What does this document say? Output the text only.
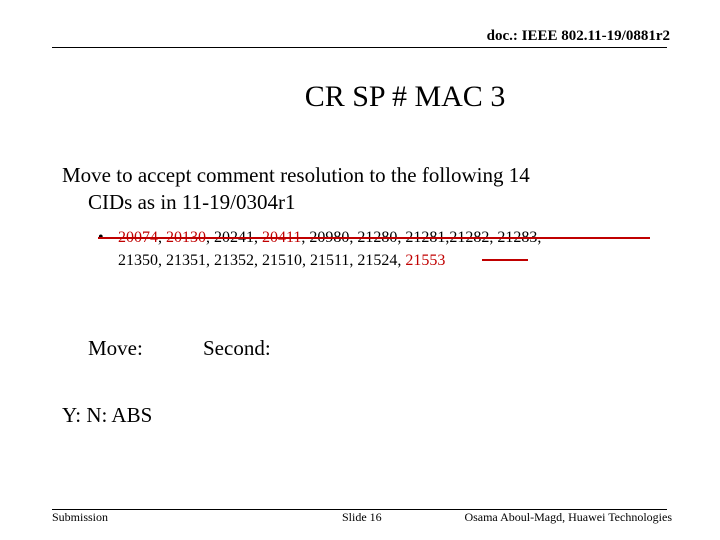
doc.: IEEE 802.11-19/0881r2
CR SP # MAC 3
Move to accept comment resolution to the following 14
CIDs as in 11-19/0304r1
• 20074, 20130, 20241, 20411, 20980, 21280, 21281,21282, 21283,
21350, 21351, 21352, 21510, 21511, 21524, 21553
Move:	Second:
Y: N: ABS
Submission	Slide 16	Osama Aboul-Magd, Huawei Technologies
